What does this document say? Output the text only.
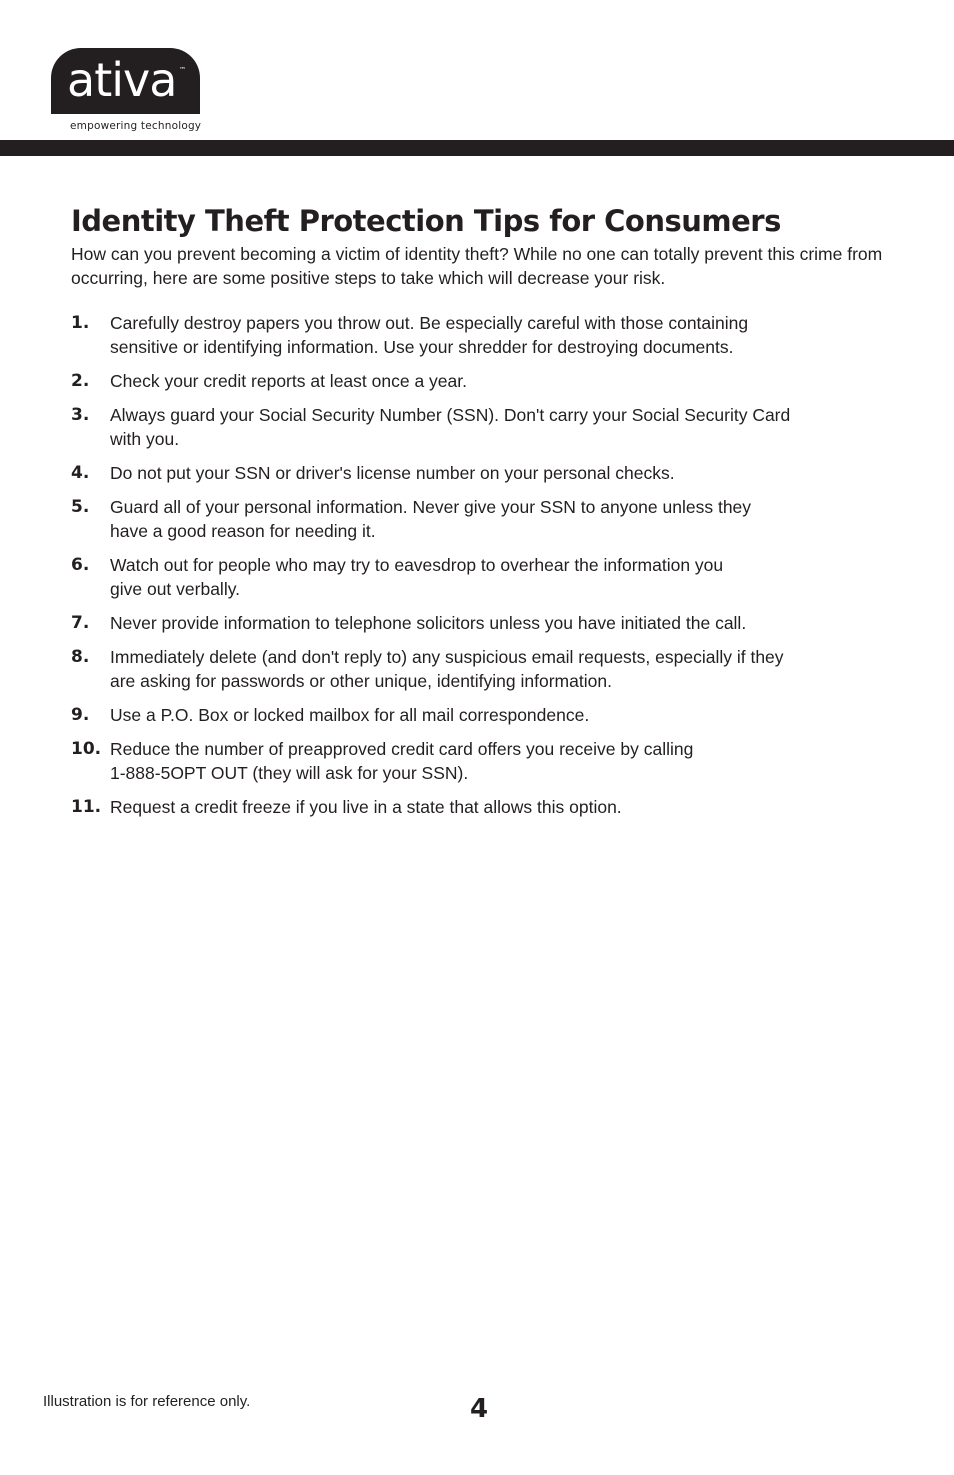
ativa ™
empowering technology
Identity Theft Protection Tips for Consumers

How can you prevent becoming a victim of identity theft? While no one can totally prevent this crime from occurring, here are some positive steps to take which will decrease your risk.

1. Carefully destroy papers you throw out. Be especially careful with those containing
sensitive or identifying information. Use your shredder for destroying documents.
2. Check your credit reports at least once a year.
3. Always guard your Social Security Number (SSN). Don't carry your Social Security Card
with you.
4. Do not put your SSN or driver's license number on your personal checks.
5. Guard all of your personal information. Never give your SSN to anyone unless they
have a good reason for needing it.
6. Watch out for people who may try to eavesdrop to overhear the information you
give out verbally.
7. Never provide information to telephone solicitors unless you have initiated the call.
8. Immediately delete (and don't reply to) any suspicious email requests, especially if they
are asking for passwords or other unique, identifying information.
9. Use a P.O. Box or locked mailbox for all mail correspondence.
10. Reduce the number of preapproved credit card offers you receive by calling
1-888-5OPT OUT (they will ask for your SSN).
11. Request a credit freeze if you live in a state that allows this option.
Illustration is for reference only.	4
